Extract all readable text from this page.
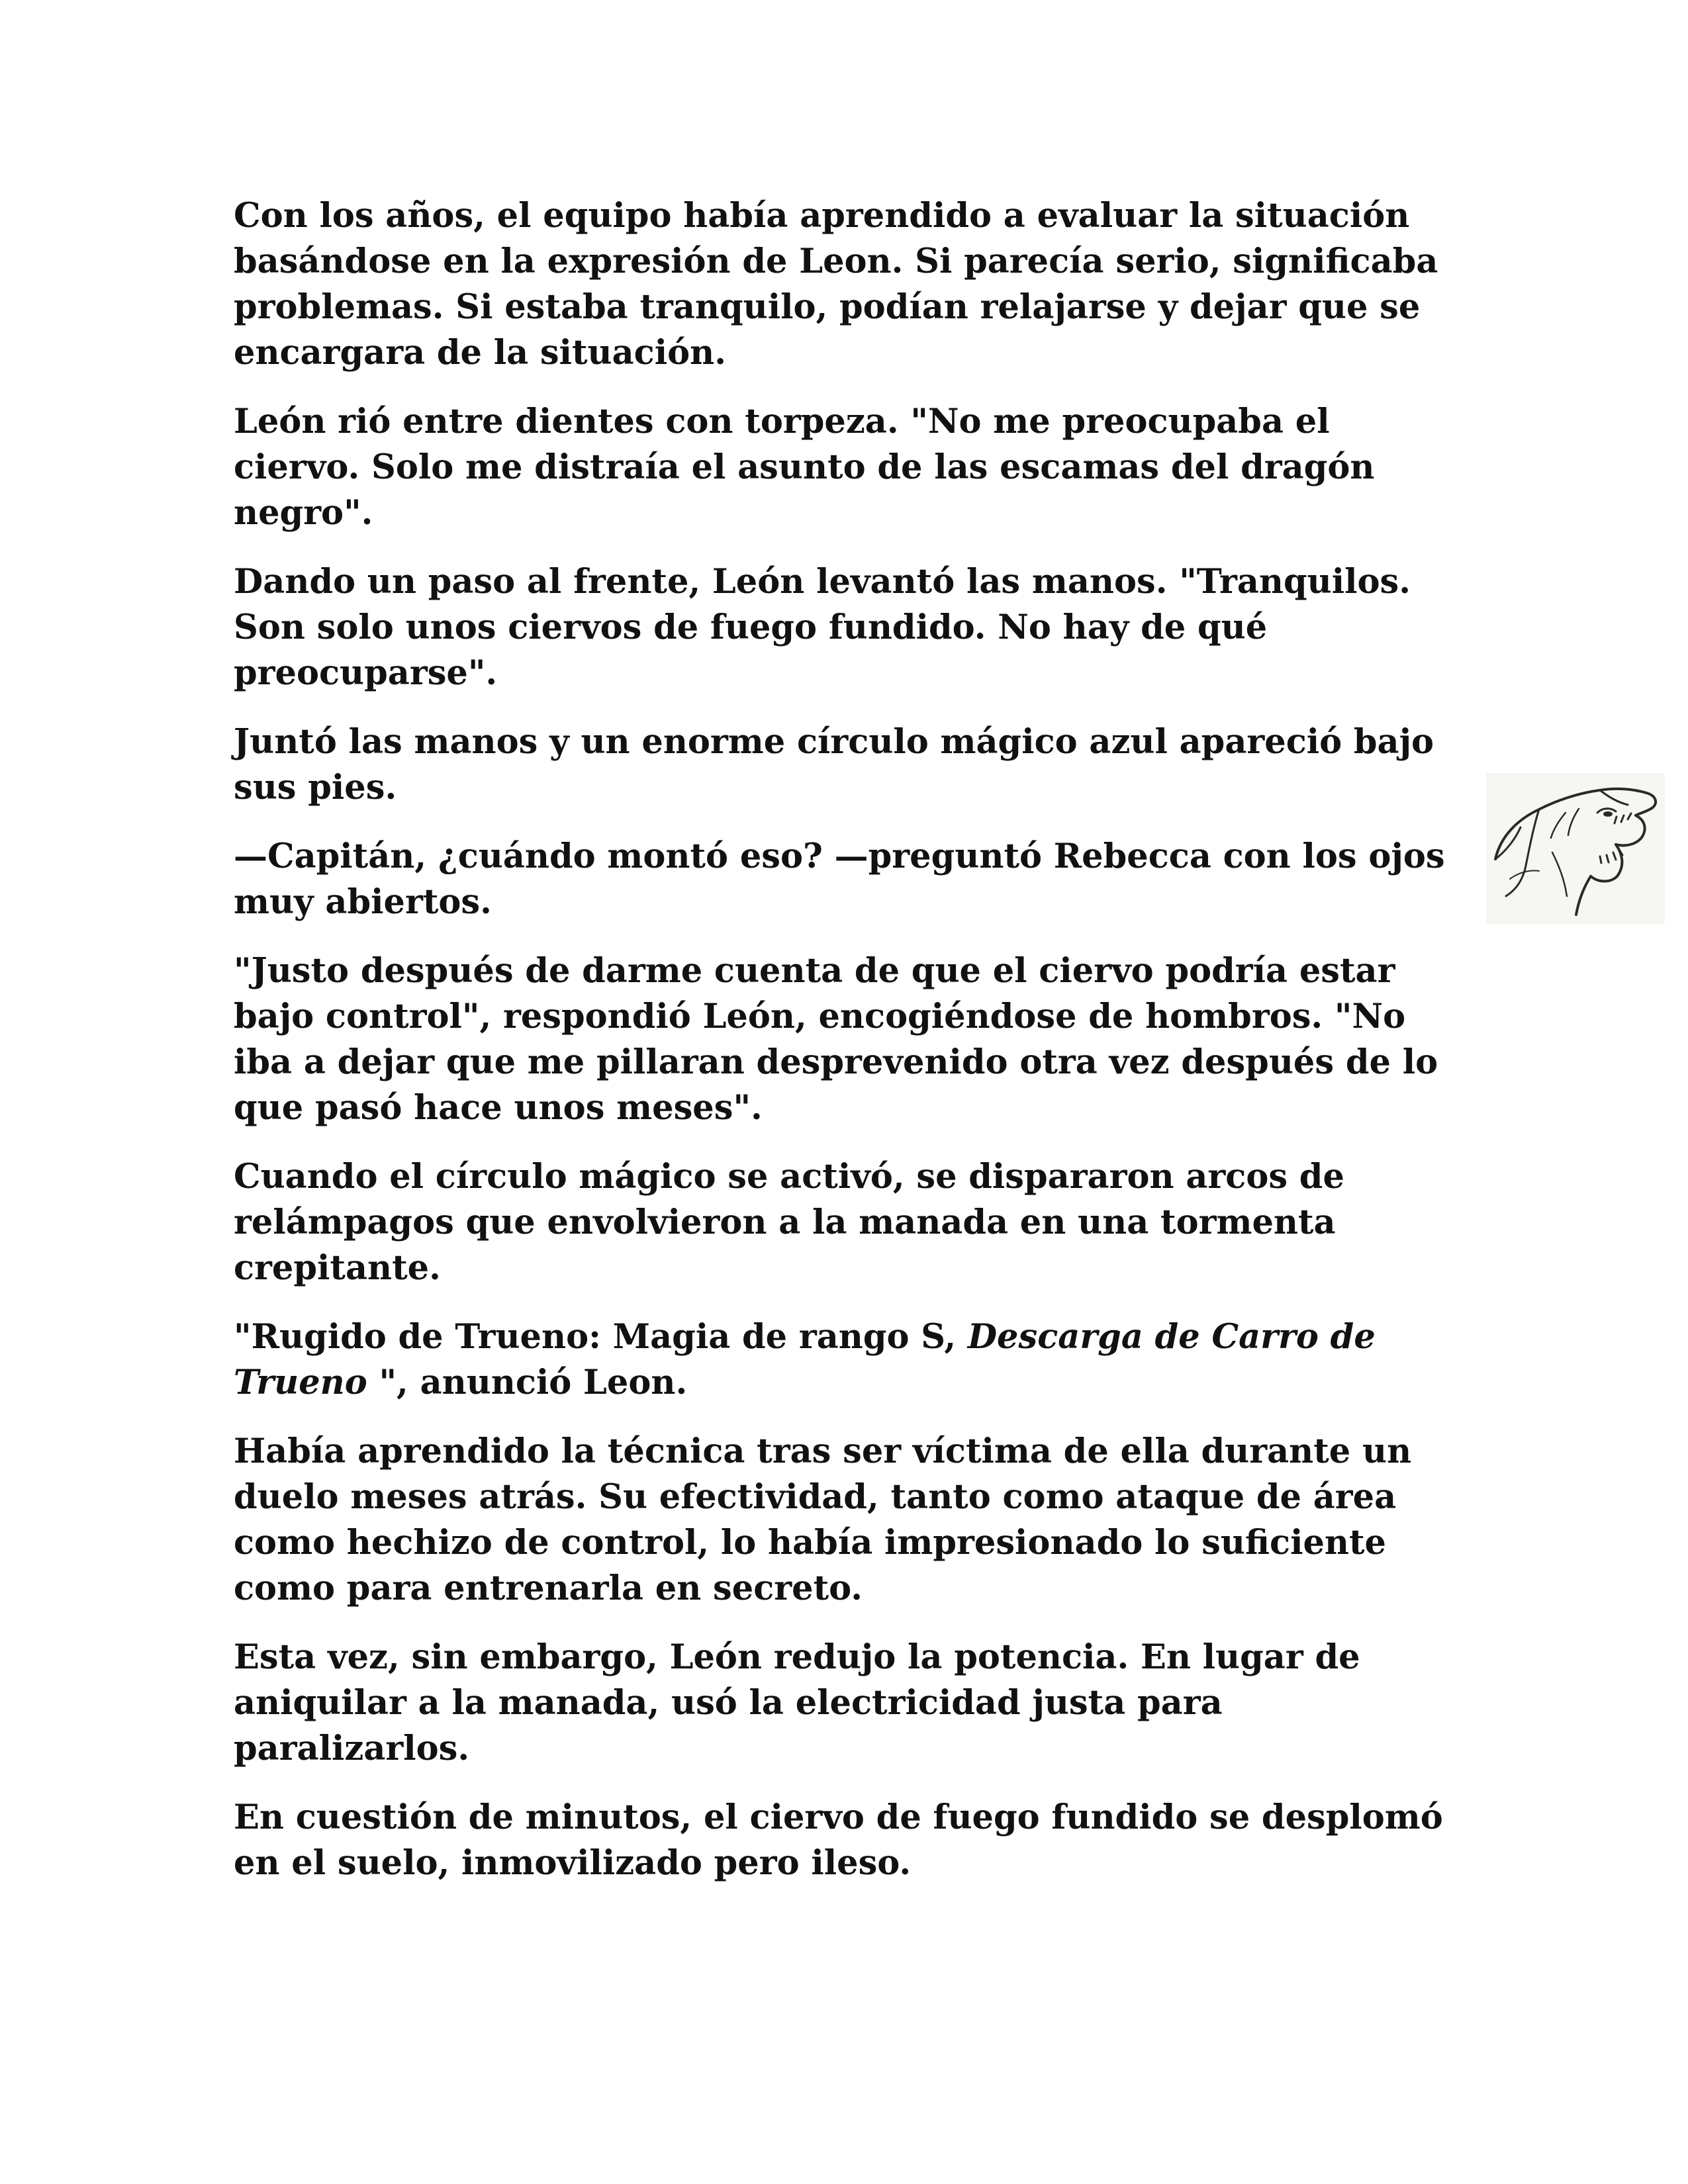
Con los años, el equipo había aprendido a evaluar la situación basándose en la expresión de Leon. Si parecía serio, significaba problemas. Si estaba tranquilo, podían relajarse y dejar que se encargara de la situación.

León rió entre dientes con torpeza. "No me preocupaba el ciervo. Solo me distraía el asunto de las escamas del dragón negro".

Dando un paso al frente, León levantó las manos. "Tranquilos. Son solo unos ciervos de fuego fundido. No hay de qué preocuparse".

Juntó las manos y un enorme círculo mágico azul apareció bajo sus pies.

—Capitán, ¿cuándo montó eso? —preguntó Rebecca con los ojos muy abiertos.

"Justo después de darme cuenta de que el ciervo podría estar bajo control", respondió León, encogiéndose de hombros. "No iba a dejar que me pillaran desprevenido otra vez después de lo que pasó hace unos meses".

Cuando el círculo mágico se activó, se dispararon arcos de relámpagos que envolvieron a la manada en una tormenta crepitante.

"Rugido de Trueno: Magia de rango S, Descarga de Carro de Trueno ", anunció Leon.

Había aprendido la técnica tras ser víctima de ella durante un duelo meses atrás. Su efectividad, tanto como ataque de área como hechizo de control, lo había impresionado lo suficiente como para entrenarla en secreto.

Esta vez, sin embargo, León redujo la potencia. En lugar de aniquilar a la manada, usó la electricidad justa para paralizarlos.

En cuestión de minutos, el ciervo de fuego fundido se desplomó en el suelo, inmovilizado pero ileso.
